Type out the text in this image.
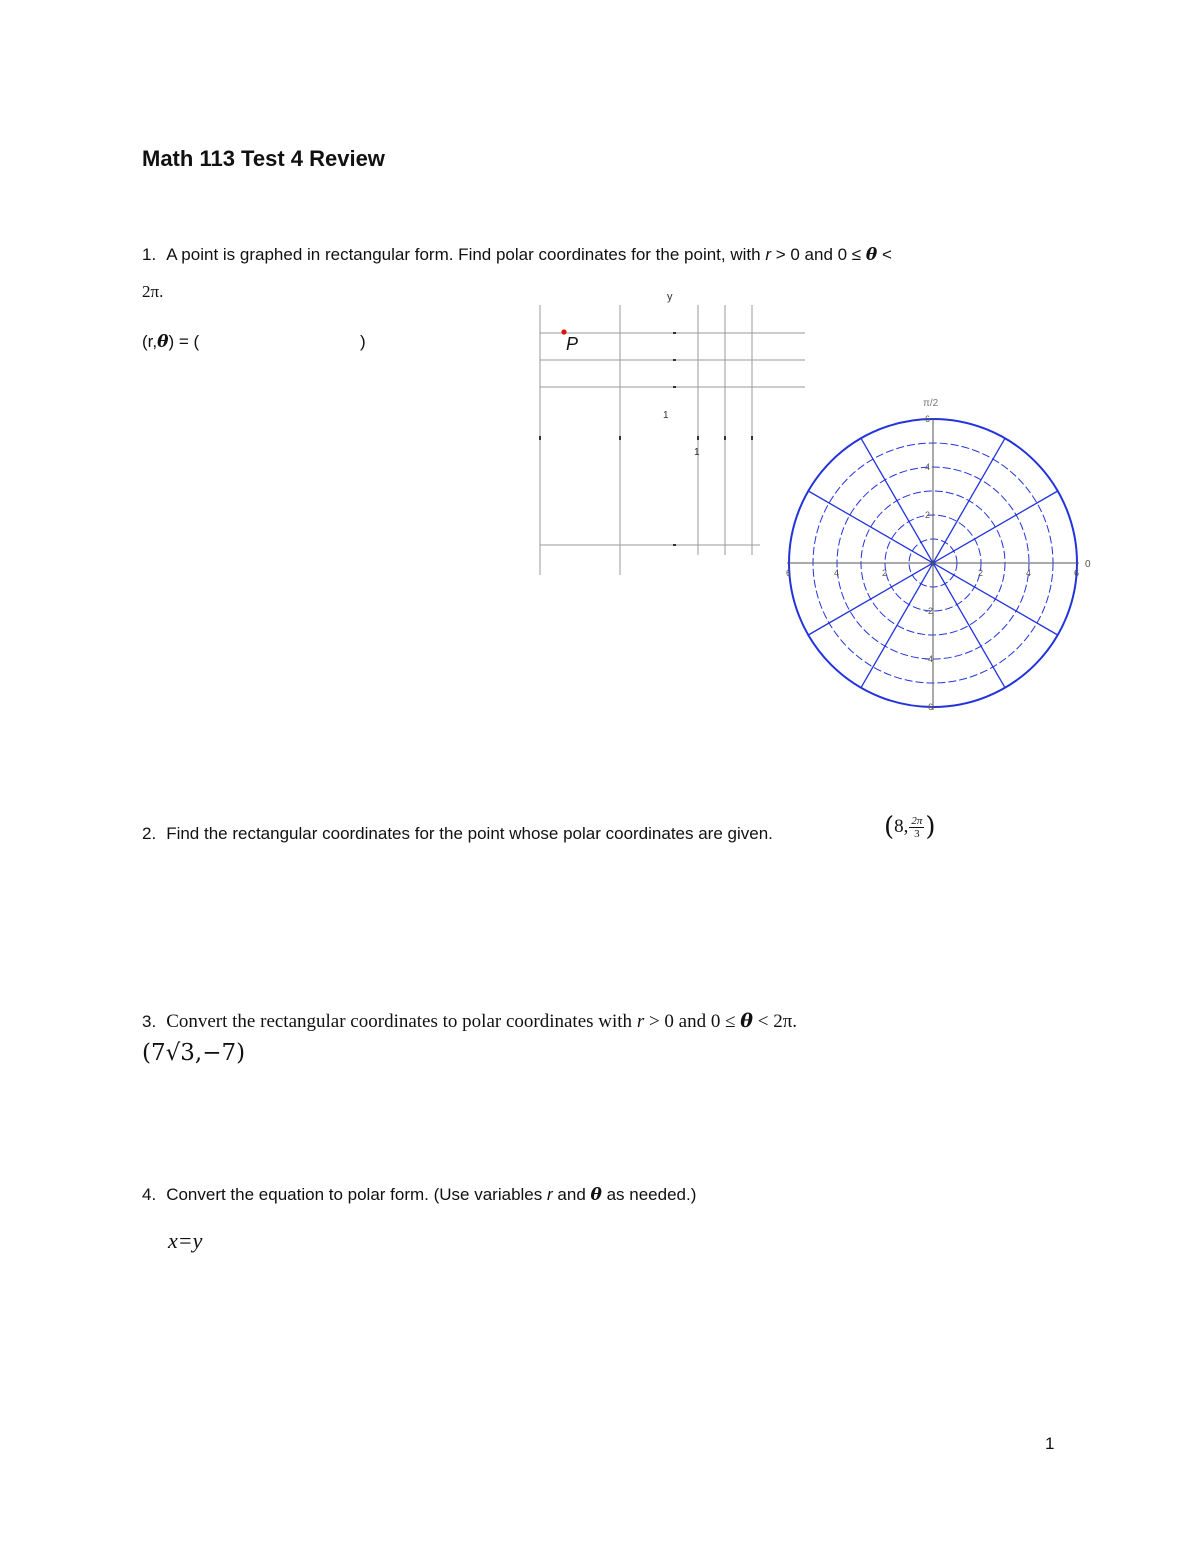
Math 113 Test 4 Review
1. A point is graphed in rectangular form. Find polar coordinates for the point, with r > 0 and 0 ≤ θ <
2π.
(r,θ) = (	)
y
1
1
P
π/2
0
6
4
2
-2
-4
-6
6	4	2	2	4	6
2. Find the rectangular coordinates for the point whose polar coordinates are given.	(8, $\frac{2\pi}{3}$ )
3. Convert the rectangular coordinates to polar coordinates with r > 0 and 0 ≤ θ < 2π.
(7√3,−7)
4. Convert the equation to polar form. (Use variables r and θ as needed.)
x=y
1
